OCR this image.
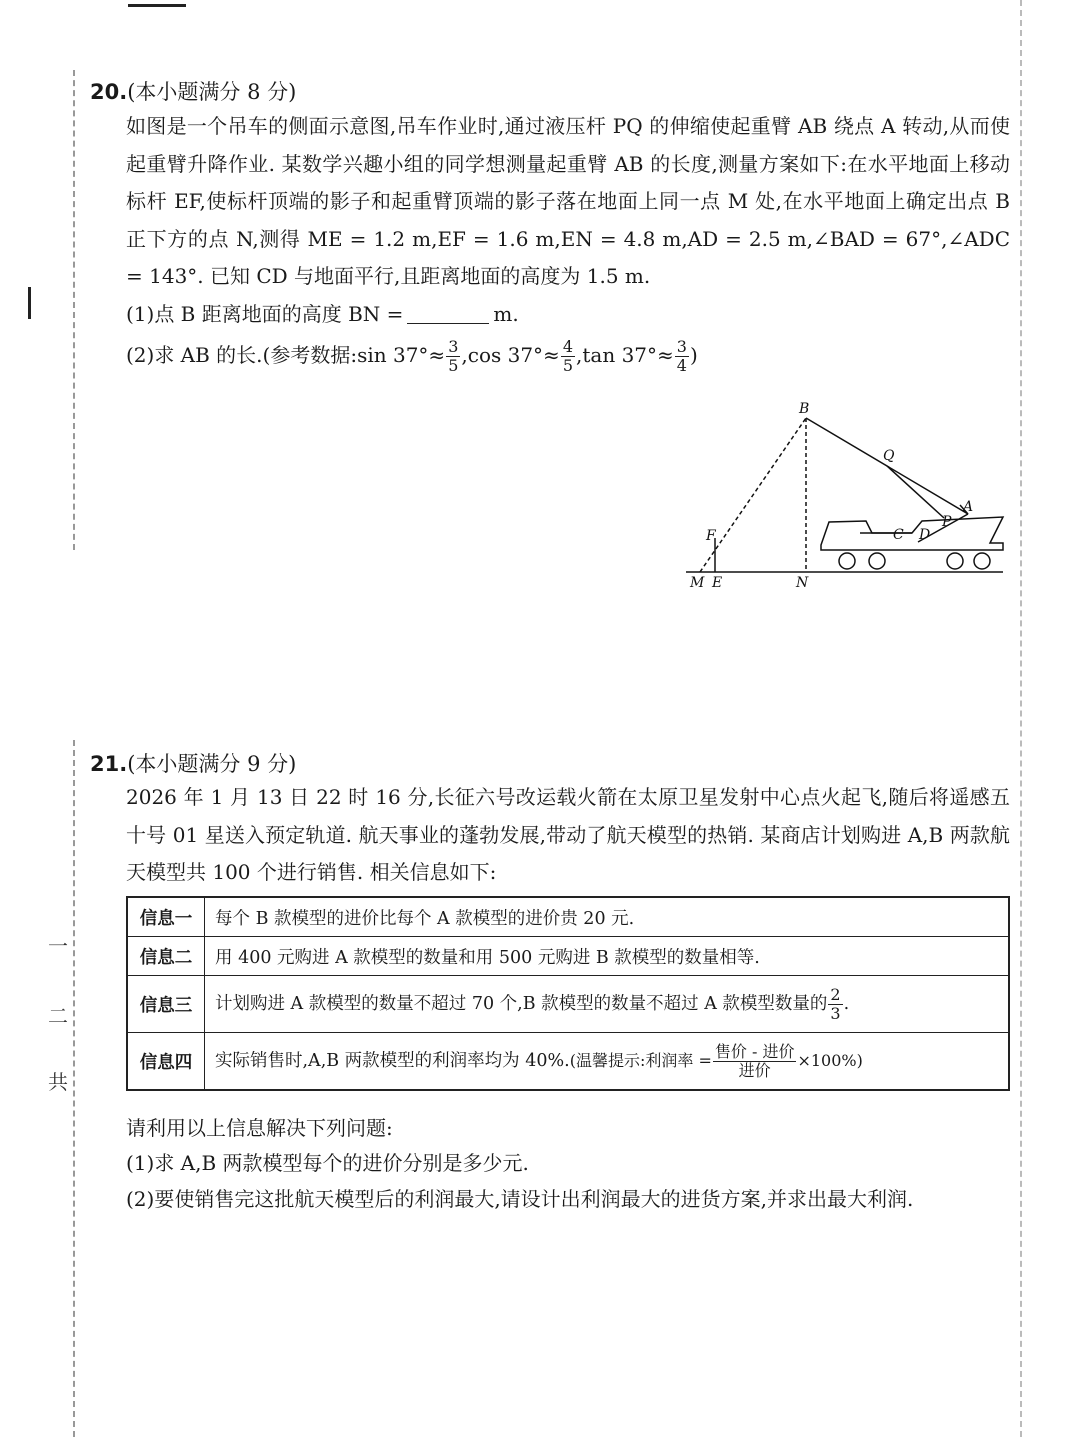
一
二
共
20.(本小题满分 8 分)
如图是一个吊车的侧面示意图,吊车作业时,通过液压杆 PQ 的伸缩使起重臂 AB 绕点 A 转动,从而使起重臂升降作业. 某数学兴趣小组的同学想测量起重臂 AB 的长度,测量方案如下:在水平地面上移动标杆 EF,使标杆顶端的影子和起重臂顶端的影子落在地面上同一点 M 处,在水平地面上确定出点 B 正下方的点 N,测得 ME = 1.2 m,EF = 1.6 m,EN = 4.8 m,AD = 2.5 m,∠BAD = 67°,∠ADC = 143°. 已知 CD 与地面平行,且距离地面的高度为 1.5 m.
(1)点 B 距离地面的高度 BN =	m.
(2)求 AB 的长.(参考数据:sin $37^\circ\approx \frac{3}{5} ,\cos$ $37^\circ\approx \frac{4}{5} ,\tan$ $37^\circ\approx \frac{3}{4}$ )
B
Q
A
P
C D
F
M E	N
21.(本小题满分 9 分)
2026 年 1 月 13 日 22 时 16 分,长征六号改运载火箭在太原卫星发射中心点火起飞,随后将遥感五十号 01 星送入预定轨道. 航天事业的蓬勃发展,带动了航天模型的热销. 某商店计划购进 A,B 两款航天模型共 100 个进行销售. 相关信息如下:
信息一	每个 B 款模型的进价比每个 A 款模型的进价贵 20 元.
信息二	用 400 元购进 A 款模型的数量和用 500 元购进 B 款模型的数量相等.
信息三	计划购进 A 款模型的数量不超过 70 个,B 款模型的数量不超过 A 款模型数量的 $\frac{2}{3}$ .
信息四	实际销售时,A,B 两款模型的利润率均为 40%.(温馨提示:利润率 = $\frac{\text{售价 - 进价}}{\text{进价}} \times 100\%$)
请利用以上信息解决下列问题:
(1)求 A,B 两款模型每个的进价分别是多少元.
(2)要使销售完这批航天模型后的利润最大,请设计出利润最大的进货方案,并求出最大利润.
